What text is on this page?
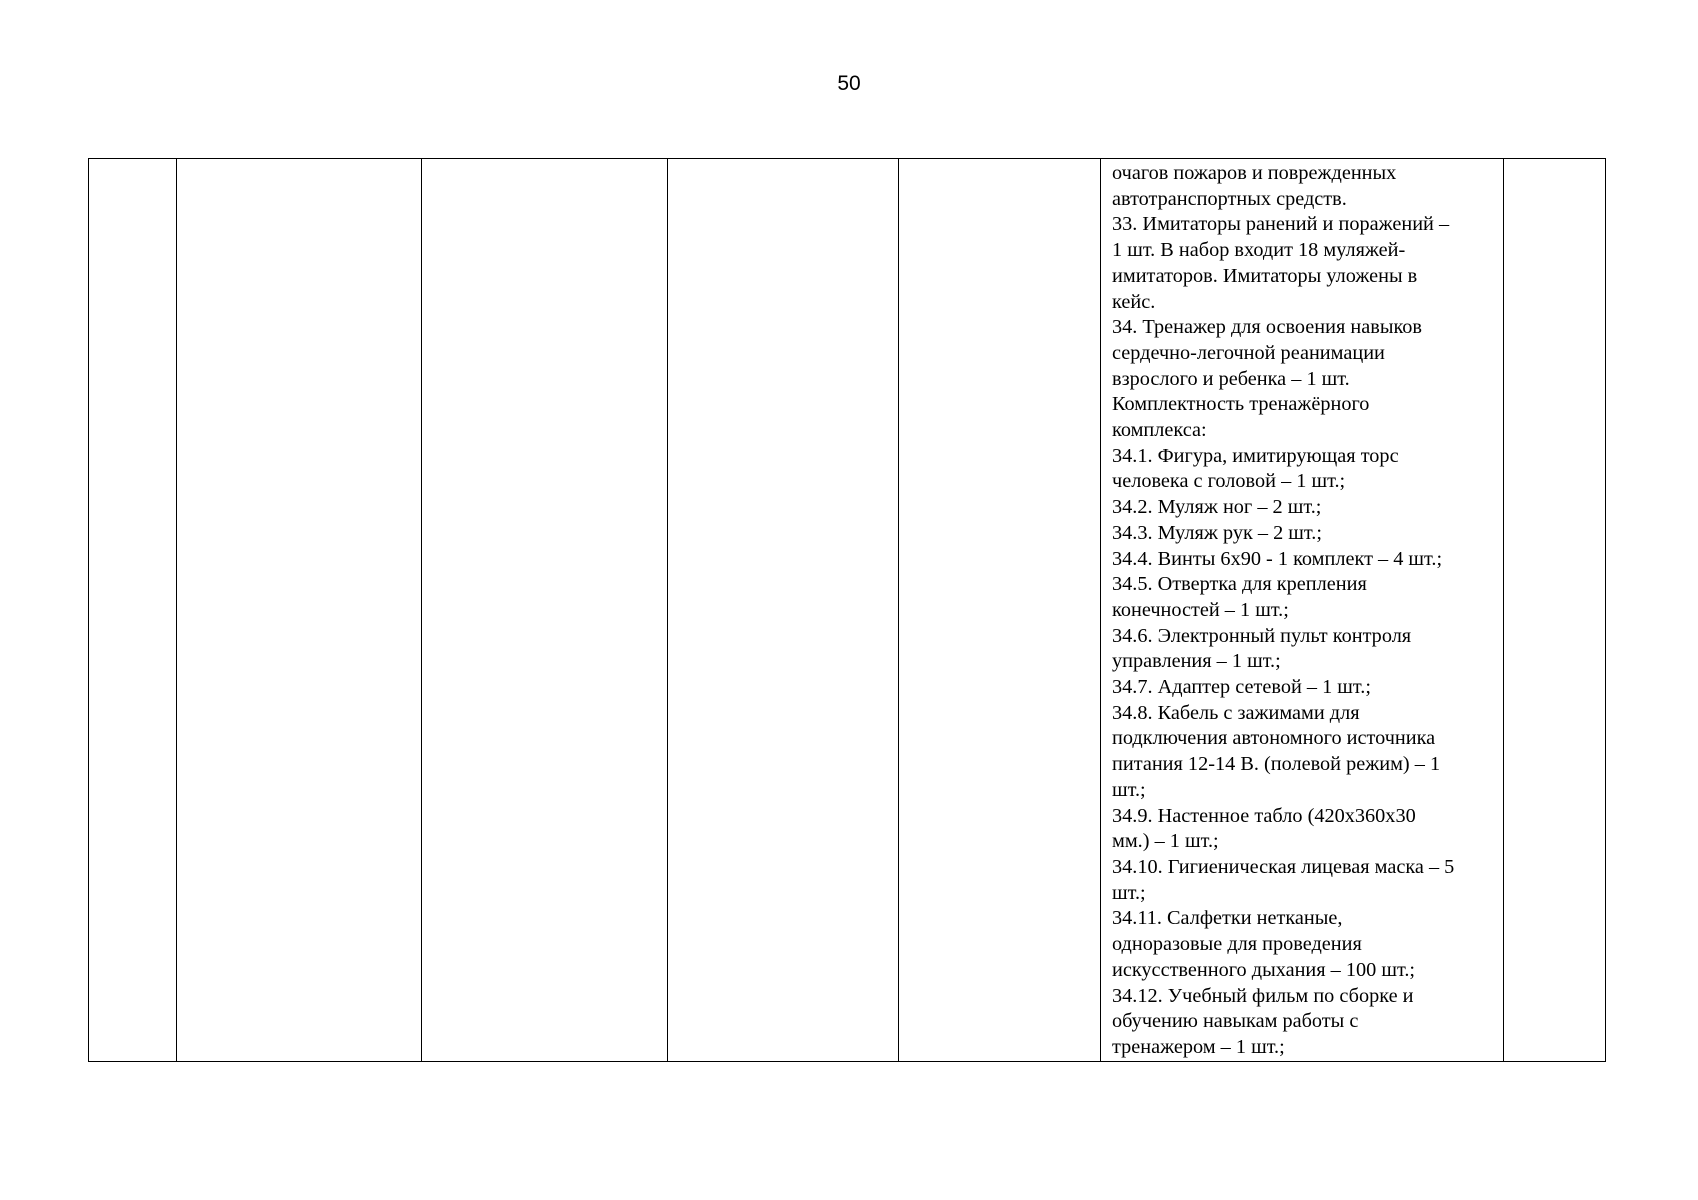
50

очагов пожаров и поврежденных
автотранспортных средств.
33. Имитаторы ранений и поражений –
1 шт. В набор входит 18 муляжей-
имитаторов. Имитаторы уложены в
кейс.
34. Тренажер для освоения навыков
сердечно-легочной реанимации
взрослого и ребенка – 1 шт.
Комплектность тренажёрного
комплекса:
34.1. Фигура, имитирующая торс
человека с головой – 1 шт.;
34.2. Муляж ног – 2 шт.;
34.3. Муляж рук – 2 шт.;
34.4. Винты 6х90 - 1 комплект – 4 шт.;
34.5. Отвертка для крепления
конечностей – 1 шт.;
34.6. Электронный пульт контроля
управления – 1 шт.;
34.7. Адаптер сетевой – 1 шт.;
34.8. Кабель с зажимами для
подключения автономного источника
питания 12-14 В. (полевой режим) – 1
шт.;
34.9. Настенное табло (420х360х30
мм.) – 1 шт.;
34.10. Гигиеническая лицевая маска – 5
шт.;
34.11. Салфетки нетканые,
одноразовые для проведения
искусственного дыхания – 100 шт.;
34.12. Учебный фильм по сборке и
обучению навыкам работы с
тренажером – 1 шт.;
